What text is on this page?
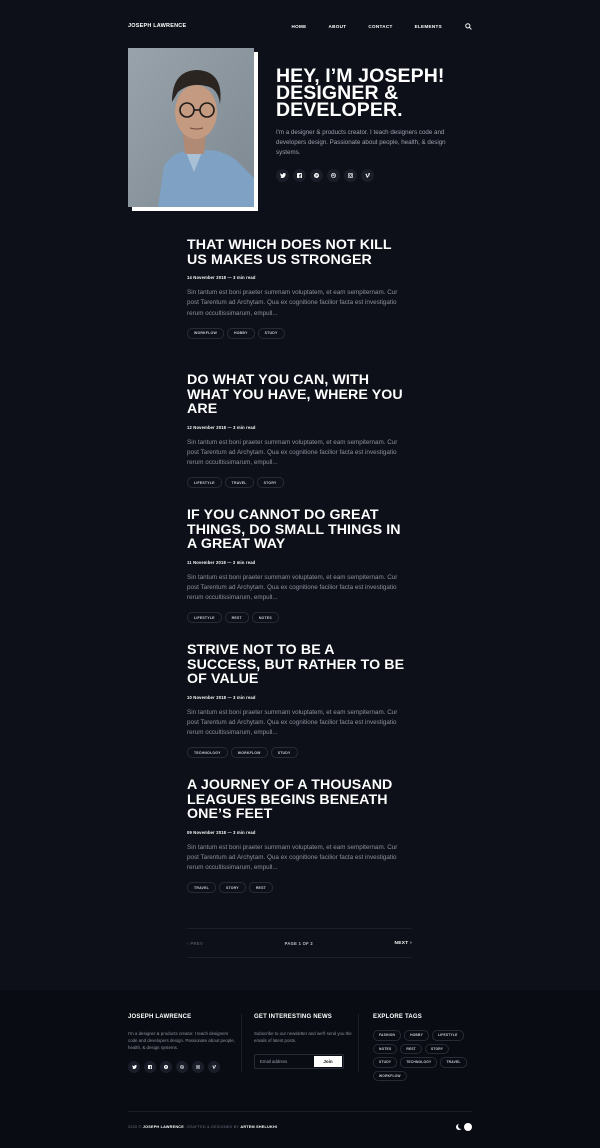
JOSEPH LAWRENCE	HOME	ABOUT	CONTACT	ELEMENTS
HEY, I’M JOSEPH!
DESIGNER &
DEVELOPER.

I'm a designer & products creator. I teach designers code and developers design. Passionate about people, health, & design systems.

THAT WHICH DOES NOT KILL US MAKES US STRONGER
14 November 2018 — 3 min read

Sin tantum est boni praeter summam voluptatem, et eam sempiternam. Cur post Tarentum ad Archytam. Qua ex cognitione facilior facta est investigatio rerum occultissimarum, empull...

WORKFLOW	HOBBY	STUDY
DO WHAT YOU CAN, WITH WHAT YOU HAVE, WHERE YOU ARE
12 November 2018 — 3 min read

Sin tantum est boni praeter summam voluptatem, et eam sempiternam. Cur post Tarentum ad Archytam. Qua ex cognitione facilior facta est investigatio rerum occultissimarum, empull...

LIFESTYLE	TRAVEL	STORY
IF YOU CANNOT DO GREAT THINGS, DO SMALL THINGS IN A GREAT WAY
11 November 2018 — 3 min read

Sin tantum est boni praeter summam voluptatem, et eam sempiternam. Cur post Tarentum ad Archytam. Qua ex cognitione facilior facta est investigatio rerum occultissimarum, empull...

LIFESTYLE	REST	NOTES
STRIVE NOT TO BE A SUCCESS, BUT RATHER TO BE OF VALUE
10 November 2018 — 3 min read

Sin tantum est boni praeter summam voluptatem, et eam sempiternam. Cur post Tarentum ad Archytam. Qua ex cognitione facilior facta est investigatio rerum occultissimarum, empull...

TECHNOLOGY	WORKFLOW	STUDY
A JOURNEY OF A THOUSAND LEAGUES BEGINS BENEATH ONE’S FEET
09 November 2018 — 3 min read

Sin tantum est boni praeter summam voluptatem, et eam sempiternam. Cur post Tarentum ad Archytam. Qua ex cognitione facilior facta est investigatio rerum occultissimarum, empull...

TRAVEL	STORY	REST
‹ PREV	PAGE 1 OF 2	NEXT ›
JOSEPH LAWRENCE

I'm a designer & products creator. I teach designers code and developers design. Passionate about people, health, & design systems.

GET INTERESTING NEWS

Subscribe to our newsletter and we'll send you the emails of latest posts.

Email address
Join
EXPLORE TAGS
FASHION	HOBBY	LIFESTYLE
NOTES	REST	STORY
STUDY	TECHNOLOGY	TRAVEL
WORKFLOW
2020 © JOSEPH LAWRENCE. CRAFTED & DESIGNED BY ARTEM SHELUKHI
